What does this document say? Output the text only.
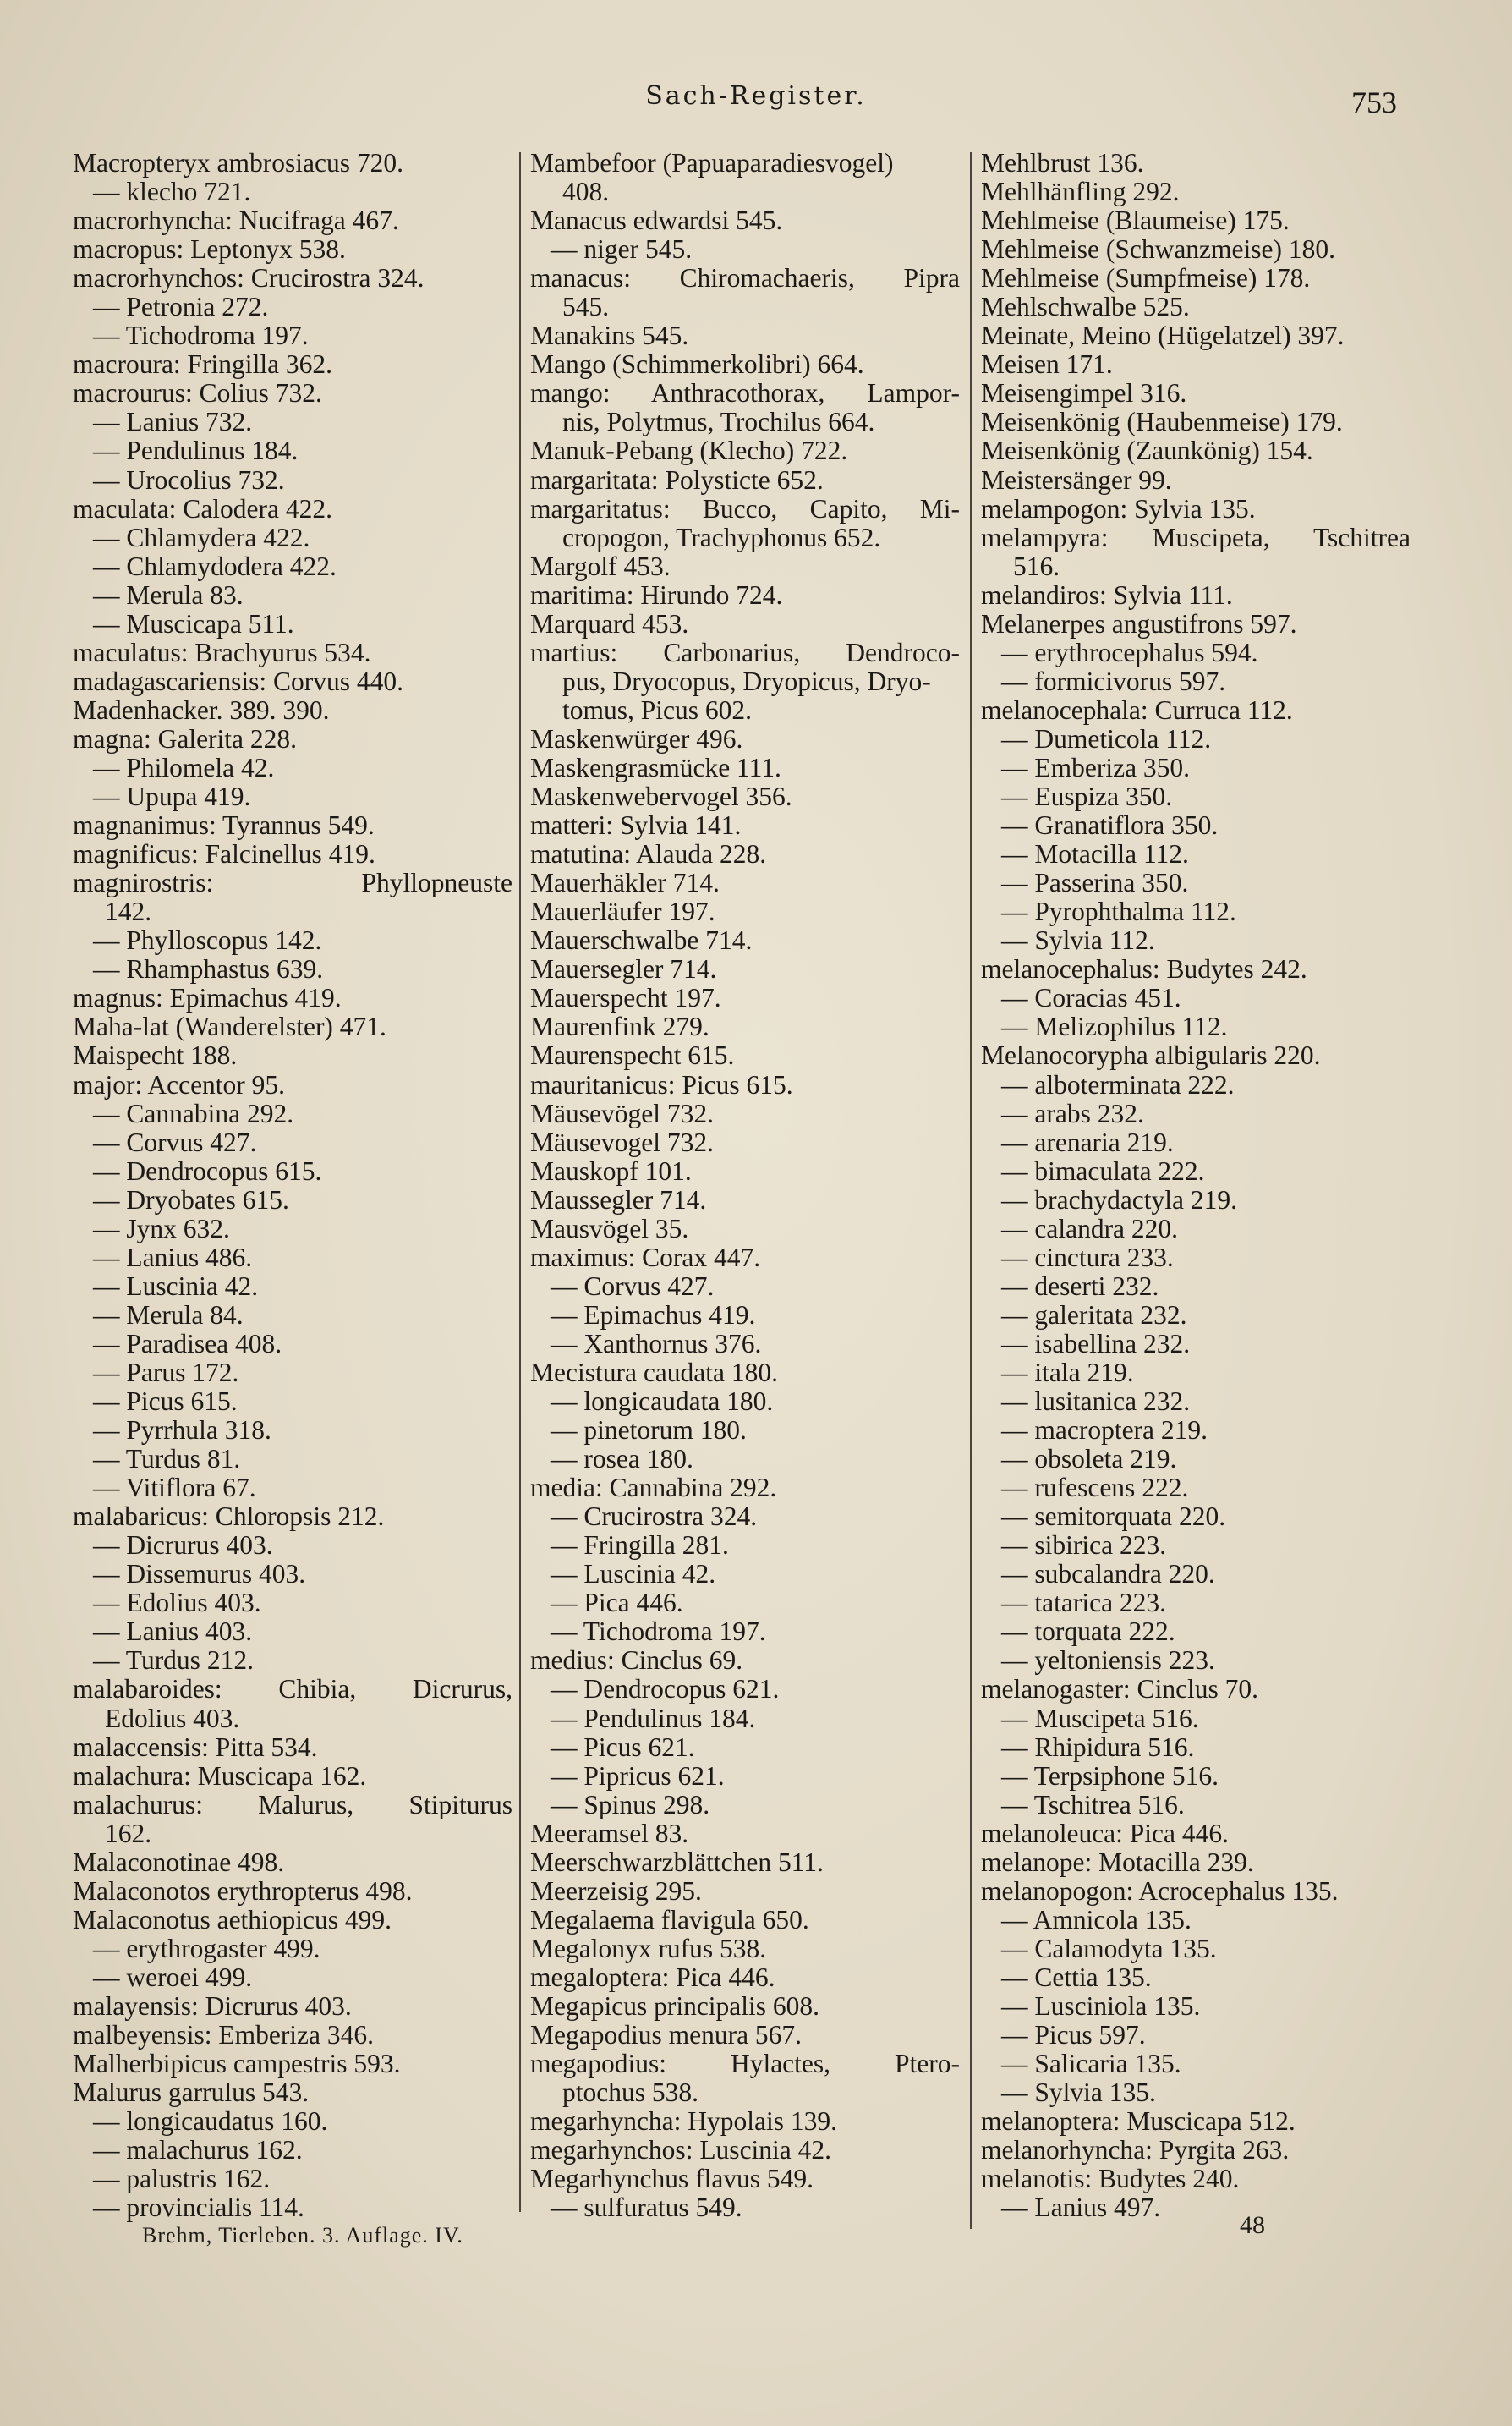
Sach-Register.	753
Macropteryx ambrosiacus 720.
— klecho 721.
macrorhyncha: Nucifraga 467.
macropus: Leptonyx 538.
macrorhynchos: Crucirostra 324.
— Petronia 272.
— Tichodroma 197.
macroura: Fringilla 362.
macrourus: Colius 732.
— Lanius 732.
— Pendulinus 184.
— Urocolius 732.
maculata: Calodera 422.
— Chlamydera 422.
— Chlamydodera 422.
— Merula 83.
— Muscicapa 511.
maculatus: Brachyurus 534.
madagascariensis: Corvus 440.
Madenhacker. 389. 390.
magna: Galerita 228.
— Philomela 42.
— Upupa 419.
magnanimus: Tyrannus 549.
magnificus: Falcinellus 419.
magnirostris: Phyllopneuste
142.
— Phylloscopus 142.
— Rhamphastus 639.
magnus: Epimachus 419.
Maha-lat (Wanderelster) 471.
Maispecht 188.
major: Accentor 95.
— Cannabina 292.
— Corvus 427.
— Dendrocopus 615.
— Dryobates 615.
— Jynx 632.
— Lanius 486.
— Luscinia 42.
— Merula 84.
— Paradisea 408.
— Parus 172.
— Picus 615.
— Pyrrhula 318.
— Turdus 81.
— Vitiflora 67.
malabaricus: Chloropsis 212.
— Dicrurus 403.
— Dissemurus 403.
— Edolius 403.
— Lanius 403.
— Turdus 212.
malabaroides: Chibia, Dicrurus,
Edolius 403.
malaccensis: Pitta 534.
malachura: Muscicapa 162.
malachurus: Malurus, Stipiturus
162.
Malaconotinae 498.
Malaconotos erythropterus 498.
Malaconotus aethiopicus 499.
— erythrogaster 499.
— weroei 499.
malayensis: Dicrurus 403.
malbeyensis: Emberiza 346.
Malherbipicus campestris 593.
Malurus garrulus 543.
— longicaudatus 160.
— malachurus 162.
— palustris 162.
— provincialis 114.
Mambefoor (Papuaparadiesvogel)
408.
Manacus edwardsi 545.
— niger 545.
manacus: Chiromachaeris, Pipra
545.
Manakins 545.
Mango (Schimmerkolibri) 664.
mango: Anthracothorax, Lampor-
nis, Polytmus, Trochilus 664.
Manuk-Pebang (Klecho) 722.
margaritata: Polysticte 652.
margaritatus: Bucco, Capito, Mi-
cropogon, Trachyphonus 652.
Margolf 453.
maritima: Hirundo 724.
Marquard 453.
martius: Carbonarius, Dendroco-
pus, Dryocopus, Dryopicus, Dryo-
tomus, Picus 602.
Maskenwürger 496.
Maskengrasmücke 111.
Maskenwebervogel 356.
matteri: Sylvia 141.
matutina: Alauda 228.
Mauerhäkler 714.
Mauerläufer 197.
Mauerschwalbe 714.
Mauersegler 714.
Mauerspecht 197.
Maurenfink 279.
Maurenspecht 615.
mauritanicus: Picus 615.
Mäusevögel 732.
Mäusevogel 732.
Mauskopf 101.
Maussegler 714.
Mausvögel 35.
maximus: Corax 447.
— Corvus 427.
— Epimachus 419.
— Xanthornus 376.
Mecistura caudata 180.
— longicaudata 180.
— pinetorum 180.
— rosea 180.
media: Cannabina 292.
— Crucirostra 324.
— Fringilla 281.
— Luscinia 42.
— Pica 446.
— Tichodroma 197.
medius: Cinclus 69.
— Dendrocopus 621.
— Pendulinus 184.
— Picus 621.
— Pipricus 621.
— Spinus 298.
Meeramsel 83.
Meerschwarzblättchen 511.
Meerzeisig 295.
Megalaema flavigula 650.
Megalonyx rufus 538.
megaloptera: Pica 446.
Megapicus principalis 608.
Megapodius menura 567.
megapodius: Hylactes, Ptero-
ptochus 538.
megarhyncha: Hypolais 139.
megarhynchos: Luscinia 42.
Megarhynchus flavus 549.
— sulfuratus 549.
Mehlbrust 136.
Mehlhänfling 292.
Mehlmeise (Blaumeise) 175.
Mehlmeise (Schwanzmeise) 180.
Mehlmeise (Sumpfmeise) 178.
Mehlschwalbe 525.
Meinate, Meino (Hügelatzel) 397.
Meisen 171.
Meisengimpel 316.
Meisenkönig (Haubenmeise) 179.
Meisenkönig (Zaunkönig) 154.
Meistersänger 99.
melampogon: Sylvia 135.
melampyra: Muscipeta, Tschitrea
516.
melandiros: Sylvia 111.
Melanerpes angustifrons 597.
— erythrocephalus 594.
— formicivorus 597.
melanocephala: Curruca 112.
— Dumeticola 112.
— Emberiza 350.
— Euspiza 350.
— Granatiflora 350.
— Motacilla 112.
— Passerina 350.
— Pyrophthalma 112.
— Sylvia 112.
melanocephalus: Budytes 242.
— Coracias 451.
— Melizophilus 112.
Melanocorypha albigularis 220.
— alboterminata 222.
— arabs 232.
— arenaria 219.
— bimaculata 222.
— brachydactyla 219.
— calandra 220.
— cinctura 233.
— deserti 232.
— galeritata 232.
— isabellina 232.
— itala 219.
— lusitanica 232.
— macroptera 219.
— obsoleta 219.
— rufescens 222.
— semitorquata 220.
— sibirica 223.
— subcalandra 220.
— tatarica 223.
— torquata 222.
— yeltoniensis 223.
melanogaster: Cinclus 70.
— Muscipeta 516.
— Rhipidura 516.
— Terpsiphone 516.
— Tschitrea 516.
melanoleuca: Pica 446.
melanope: Motacilla 239.
melanopogon: Acrocephalus 135.
— Amnicola 135.
— Calamodyta 135.
— Cettia 135.
— Lusciniola 135.
— Picus 597.
— Salicaria 135.
— Sylvia 135.
melanoptera: Muscicapa 512.
melanorhyncha: Pyrgita 263.
melanotis: Budytes 240.
— Lanius 497.
Brehm, Tierleben. 3. Auflage. IV.	48
